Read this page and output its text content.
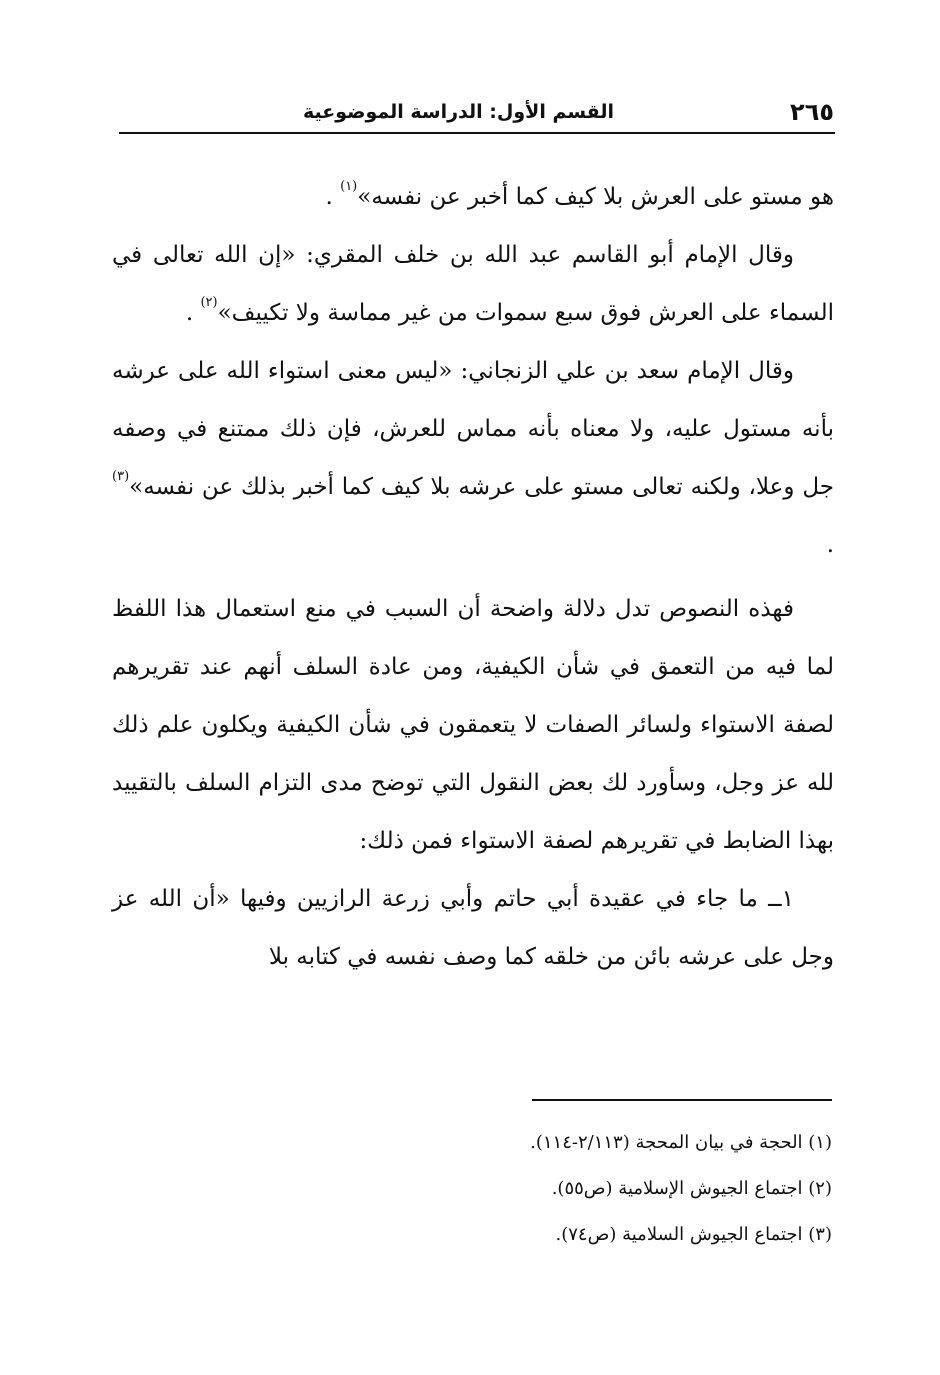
٢٦٥
القسم الأول: الدراسة الموضوعية

هو مستو على العرش بلا كيف كما أخبر عن نفسه»$^{(١)}$ .

وقال الإمام أبو القاسم عبد الله بن خلف المقري: «إن الله تعالى في السماء على العرش فوق سبع سموات من غير مماسة ولا تكييف»$^{(٢)}$ .

وقال الإمام سعد بن علي الزنجاني: «ليس معنى استواء الله على عرشه بأنه مستول عليه، ولا معناه بأنه مماس للعرش، فإن ذلك ممتنع في وصفه جل وعلا، ولكنه تعالى مستو على عرشه بلا كيف كما أخبر بذلك عن نفسه»$^{(٣)}$ .

فهذه النصوص تدل دلالة واضحة أن السبب في منع استعمال هذا اللفظ لما فيه من التعمق في شأن الكيفية، ومن عادة السلف أنهم عند تقريرهم لصفة الاستواء ولسائر الصفات لا يتعمقون في شأن الكيفية ويكلون علم ذلك لله عز وجل، وسأورد لك بعض النقول التي توضح مدى التزام السلف بالتقييد بهذا الضابط في تقريرهم لصفة الاستواء فمن ذلك:

١ــ ما جاء في عقيدة أبي حاتم وأبي زرعة الرازيين وفيها «أن الله عز وجل على عرشه بائن من خلقه كما وصف نفسه في كتابه بلا

(١) الحجة في بيان المحجة (٢/١١٣-١١٤).

(٢) اجتماع الجيوش الإسلامية (ص٥٥).

(٣) اجتماع الجيوش السلامية (ص٧٤).
